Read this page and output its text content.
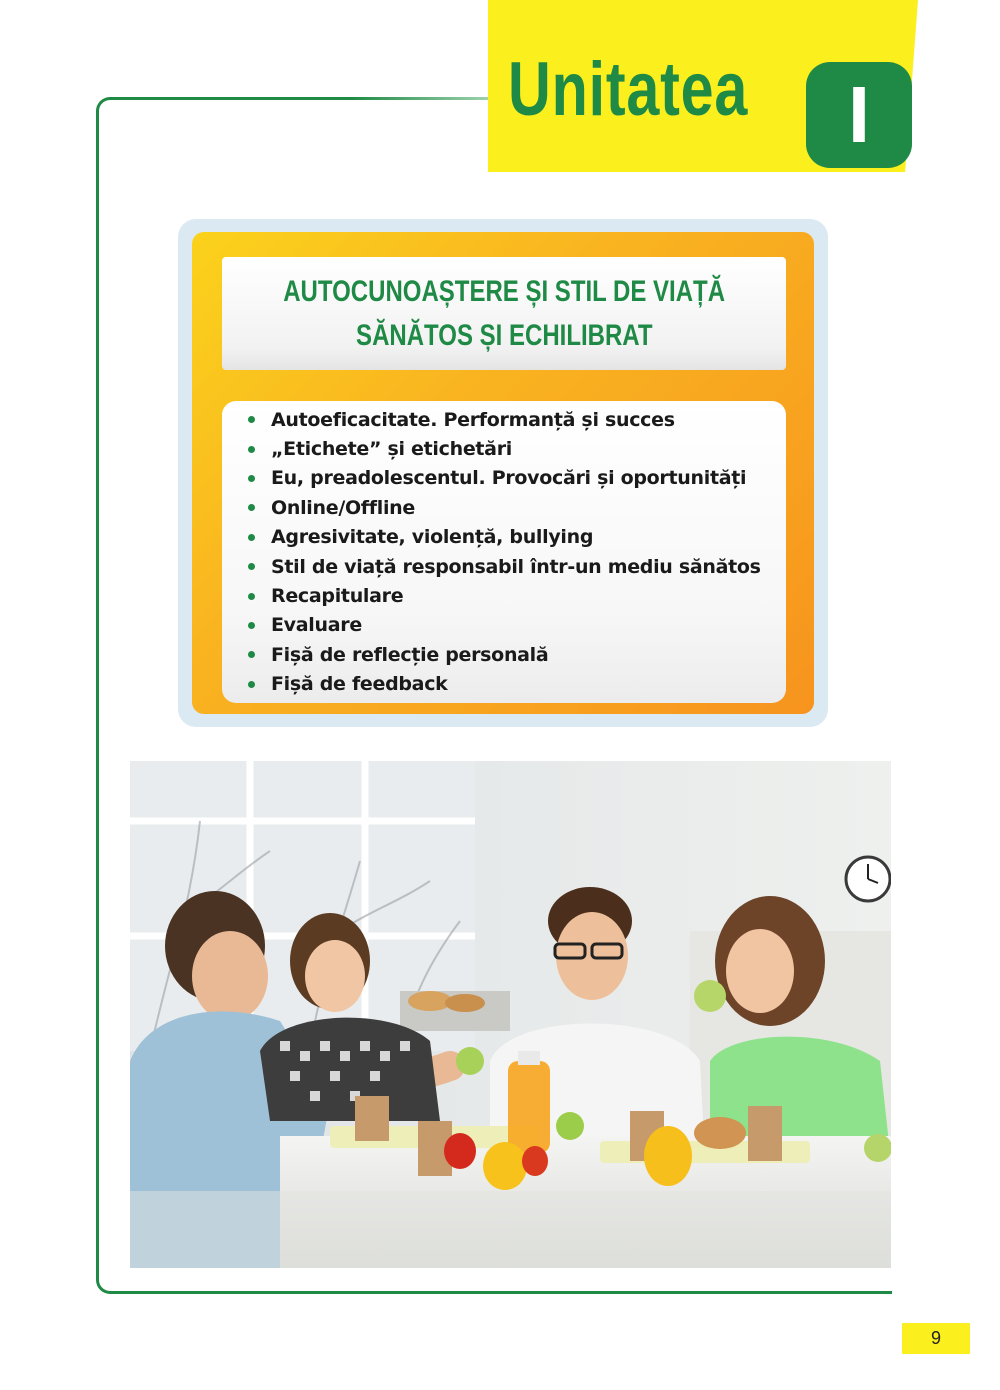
Unitatea I
AUTOCUNOAȘTERE ȘI STIL DE VIAȚĂ
SĂNĂTOS ȘI ECHILIBRAT
Autoeficacitate. Performanță și succes
„Etichete” și etichetări
Eu, preadolescentul. Provocări și oportunități
Online/Offline
Agresivitate, violență, bullying
Stil de viață responsabil într-un mediu sănătos
Recapitulare
Evaluare
Fișă de reflecție personală
Fișă de feedback
9
